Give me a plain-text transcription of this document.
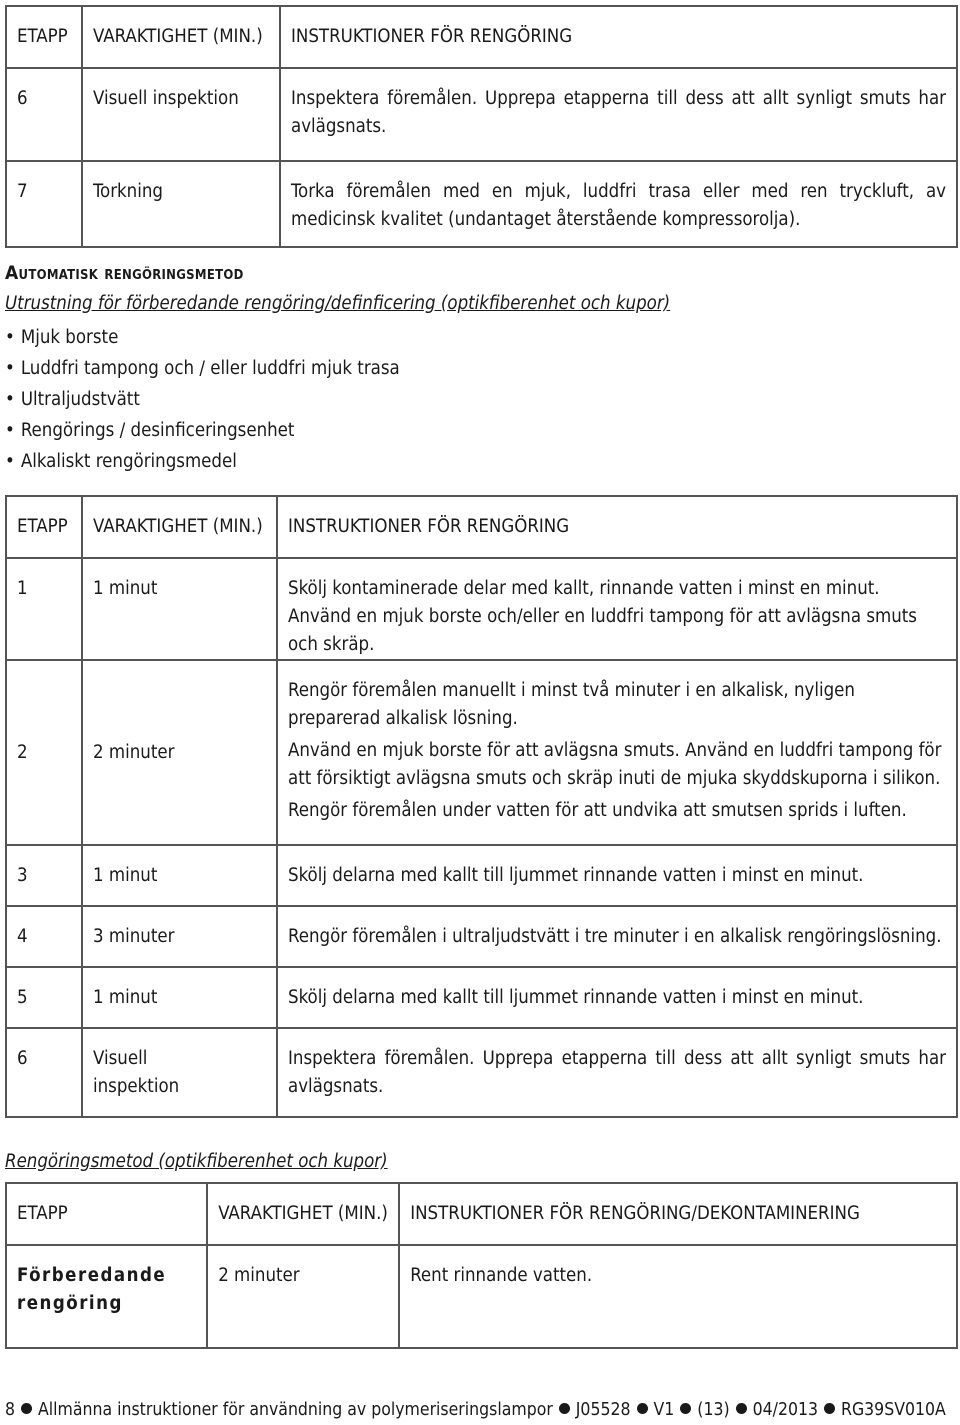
ETAPP	VARAKTIGHET (MIN.)	INSTRUKTIONER FÖR RENGÖRING
6	Visuell inspektion	Inspektera föremålen. Upprepa etapperna till dess att allt synligt smuts har avlägsnats.
7	Torkning	Torka föremålen med en mjuk, luddfri trasa eller med ren tryckluft, av medicinsk kvalitet (undantaget återstående kompressorolja).
Automatisk rengöringsmetod
Utrustning för förberedande rengöring/definficering (optikfiberenhet och kupor)
• Mjuk borste
• Luddfri tampong och / eller luddfri mjuk trasa
• Ultraljudstvätt
• Rengörings / desinficeringsenhet
• Alkaliskt rengöringsmedel
ETAPP	VARAKTIGHET (MIN.)	INSTRUKTIONER FÖR RENGÖRING
1	1 minut	Skölj kontaminerade delar med kallt, rinnande vatten i minst en minut. Använd en mjuk borste och/eller en luddfri tampong för att avlägsna smuts och skräp.
2	2 minuter	Rengör föremålen manuellt i minst två minuter i en alkalisk, nyligen preparerad alkalisk lösning.

Använd en mjuk borste för att avlägsna smuts. Använd en luddfri tampong för att försiktigt avlägsna smuts och skräp inuti de mjuka skyddskuporna i silikon.

Rengör föremålen under vatten för att undvika att smutsen sprids i luften.

3	1 minut	Skölj delarna med kallt till ljummet rinnande vatten i minst en minut.
4	3 minuter	Rengör föremålen i ultraljudstvätt i tre minuter i en alkalisk rengöringslösning.
5	1 minut	Skölj delarna med kallt till ljummet rinnande vatten i minst en minut.
6	Visuell inspektion	Inspektera föremålen. Upprepa etapperna till dess att allt synligt smuts har avlägsnats.
Rengöringsmetod (optikfiberenhet och kupor)
ETAPP	VARAKTIGHET (MIN.)	INSTRUKTIONER FÖR RENGÖRING/DEKONTAMINERING
Förberedande rengöring	2 minuter	Rent rinnande vatten.
8 Allmänna instruktioner för användning av polymeriseringslampor J05528 V1 (13) 04/2013 RG39SV010A
